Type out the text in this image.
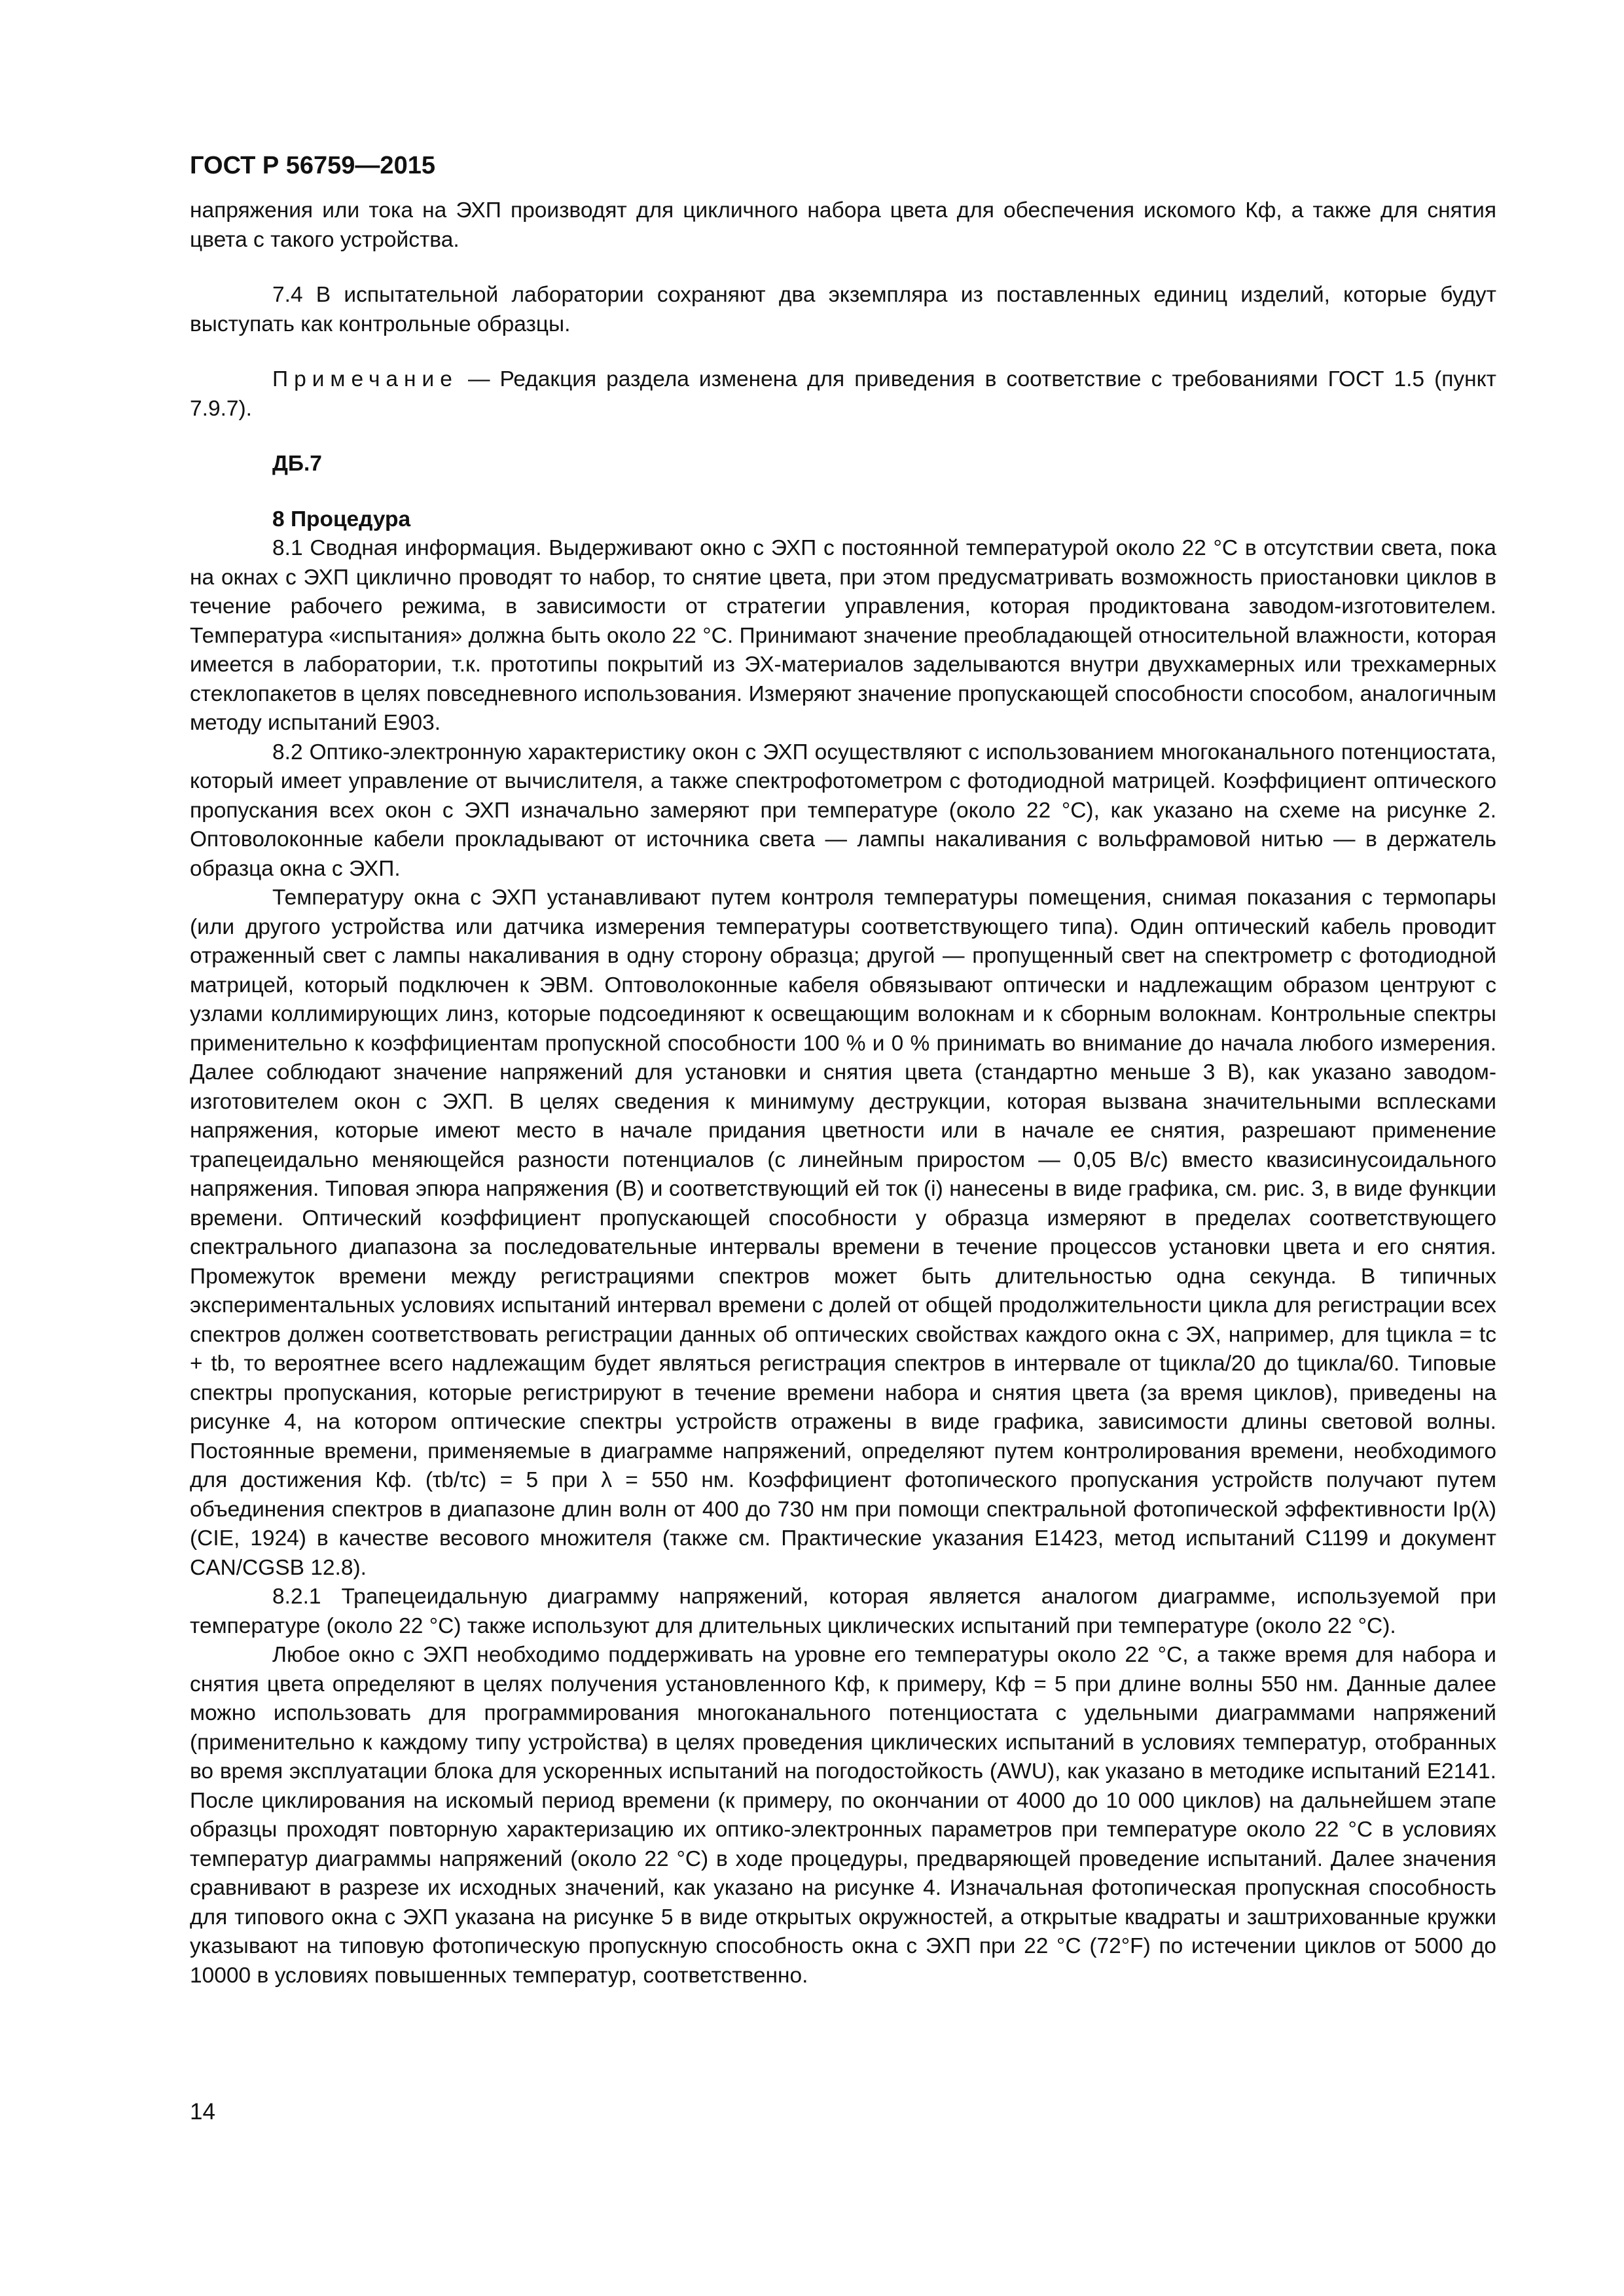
ГОСТ Р 56759—2015

напряжения или тока на ЭХП производят для цикличного набора цвета для обеспечения искомого Кф, а также для снятия цвета с такого устройства.

7.4 В испытательной лаборатории сохраняют два экземпляра из поставленных единиц изделий, которые будут выступать как контрольные образцы.

Примечание — Редакция раздела изменена для приведения в соответствие с требованиями ГОСТ 1.5 (пункт 7.9.7).

ДБ.7

8 Процедура

8.1 Сводная информация. Выдерживают окно с ЭХП с постоянной температурой около 22 °С в отсутствии света, пока на окнах с ЭХП циклично проводят то набор, то снятие цвета, при этом предусматривать возможность приостановки циклов в течение рабочего режима, в зависимости от стратегии управления, которая продиктована заводом-изготовителем. Температура «испытания» должна быть около 22 °С. Принимают значение преобладающей относительной влажности, которая имеется в лаборатории, т.к. прототипы покрытий из ЭХ-материалов заделываются внутри двухкамерных или трехкамерных стеклопакетов в целях повседневного использования. Измеряют значение пропускающей способности способом, аналогичным методу испытаний Е903.

8.2 Оптико-электронную характеристику окон с ЭХП осуществляют с использованием многоканального потенциостата, который имеет управление от вычислителя, а также спектрофотометром с фотодиодной матрицей. Коэффициент оптического пропускания всех окон с ЭХП изначально замеряют при температуре (около 22 °С), как указано на схеме на рисунке 2. Оптоволоконные кабели прокладывают от источника света — лампы накаливания с вольфрамовой нитью — в держатель образца окна с ЭХП.

Температуру окна с ЭХП устанавливают путем контроля температуры помещения, снимая показания с термопары (или другого устройства или датчика измерения температуры соответствующего типа). Один оптический кабель проводит отраженный свет с лампы накаливания в одну сторону образца; другой — пропущенный свет на спектрометр с фотодиодной матрицей, который подключен к ЭВМ. Оптоволоконные кабеля обвязывают оптически и надлежащим образом центруют с узлами коллимирующих линз, которые подсоединяют к освещающим волокнам и к сборным волокнам. Контрольные спектры применительно к коэффициентам пропускной способности 100 % и 0 % принимать во внимание до начала любого измерения. Далее соблюдают значение напряжений для установки и снятия цвета (стандартно меньше 3 В), как указано заводом-изготовителем окон с ЭХП. В целях сведения к минимуму деструкции, которая вызвана значительными всплесками напряжения, которые имеют место в начале придания цветности или в начале ее снятия, разрешают применение трапецеидально меняющейся разности потенциалов (с линейным приростом — 0,05 В/с) вместо квазисинусоидального напряжения. Типовая эпюра напряжения (В) и соответствующий ей ток (i) нанесены в виде графика, см. рис. 3, в виде функции времени. Оптический коэффициент пропускающей способности у образца измеряют в пределах соответствующего спектрального диапазона за последовательные интервалы времени в течение процессов установки цвета и его снятия. Промежуток времени между регистрациями спектров может быть длительностью одна секунда. В типичных экспериментальных условиях испытаний интервал времени с долей от общей продолжительности цикла для регистрации всех спектров должен соответствовать регистрации данных об оптических свойствах каждого окна с ЭХ, например, для tцикла = tc + tb, то вероятнее всего надлежащим будет являться регистрация спектров в интервале от tцикла/20 до tцикла/60. Типовые спектры пропускания, которые регистрируют в течение времени набора и снятия цвета (за время циклов), приведены на рисунке 4, на котором оптические спектры устройств отражены в виде графика, зависимости длины световой волны. Постоянные времени, применяемые в диаграмме напряжений, определяют путем контролирования времени, необходимого для достижения Кф. (τb/τc) = 5 при λ = 550 нм. Коэффициент фотопического пропускания устройств получают путем объединения спектров в диапазоне длин волн от 400 до 730 нм при помощи спектральной фотопической эффективности Ip(λ) (CIE, 1924) в качестве весового множителя (также см. Практические указания Е1423, метод испытаний С1199 и документ CAN/CGSB 12.8).

8.2.1 Трапецеидальную диаграмму напряжений, которая является аналогом диаграмме, используемой при температуре (около 22 °С) также используют для длительных циклических испытаний при температуре (около 22 °С).

Любое окно с ЭХП необходимо поддерживать на уровне его температуры около 22 °С, а также время для набора и снятия цвета определяют в целях получения установленного Кф, к примеру, Кф = 5 при длине волны 550 нм. Данные далее можно использовать для программирования многоканального потенциостата с удельными диаграммами напряжений (применительно к каждому типу устройства) в целях проведения циклических испытаний в условиях температур, отобранных во время эксплуатации блока для ускоренных испытаний на погодостойкость (AWU), как указано в методике испытаний Е2141. После циклирования на искомый период времени (к примеру, по окончании от 4000 до 10 000 циклов) на дальнейшем этапе образцы проходят повторную характеризацию их оптико-электронных параметров при температуре около 22 °С в условиях температур диаграммы напряжений (около 22 °С) в ходе процедуры, предваряющей проведение испытаний. Далее значения сравнивают в разрезе их исходных значений, как указано на рисунке 4. Изначальная фотопическая пропускная способность для типового окна с ЭХП указана на рисунке 5 в виде открытых окружностей, а открытые квадраты и заштрихованные кружки указывают на типовую фотопическую пропускную способность окна с ЭХП при 22 °С (72°F) по истечении циклов от 5000 до 10000 в условиях повышенных температур, соответственно.

14
